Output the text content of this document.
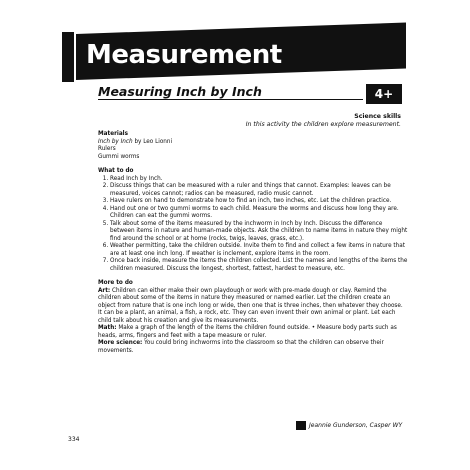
Measurement
Measuring Inch by Inch	4+
Science skills
In this activity the children explore measurement.

Materials

Inch by Inch by Leo Lionni

Rulers

Gummi worms

What to do

1. Read Inch by Inch.
2. Discuss things that can be measured with a ruler and things that cannot. Examples: leaves can be measured, voices cannot; radios can be measured, radio music cannot.
3. Have rulers on hand to demonstrate how to find an inch, two inches, etc. Let the children practice.
4. Hand out one or two gummi worms to each child. Measure the worms and discuss how long they are. Children can eat the gummi worms.
5. Talk about some of the items measured by the inchworm in Inch by Inch. Discuss the difference between items in nature and human-made objects. Ask the children to name items in nature they might find around the school or at home (rocks, twigs, leaves, grass, etc.).
6. Weather permitting, take the children outside. Invite them to find and collect a few items in nature that are at least one inch long. If weather is inclement, explore items in the room.
7. Once back inside, measure the items the children collected. List the names and lengths of the items the children measured. Discuss the longest, shortest, fattest, hardest to measure, etc.

More to do

Art: Children can either make their own playdough or work with pre-made dough or clay. Remind the children about some of the items in nature they measured or named earlier. Let the children create an object from nature that is one inch long or wide, then one that is three inches, then whatever they choose. It can be a plant, an animal, a fish, a rock, etc. They can even invent their own animal or plant. Let each child talk about his creation and give its measurements.

Math: Make a graph of the length of the items the children found outside. • Measure body parts such as heads, arms, fingers and feet with a tape measure or ruler.

More science: You could bring inchworms into the classroom so that the children can observe their movements.

Jeannie Gunderson, Casper WY
334
